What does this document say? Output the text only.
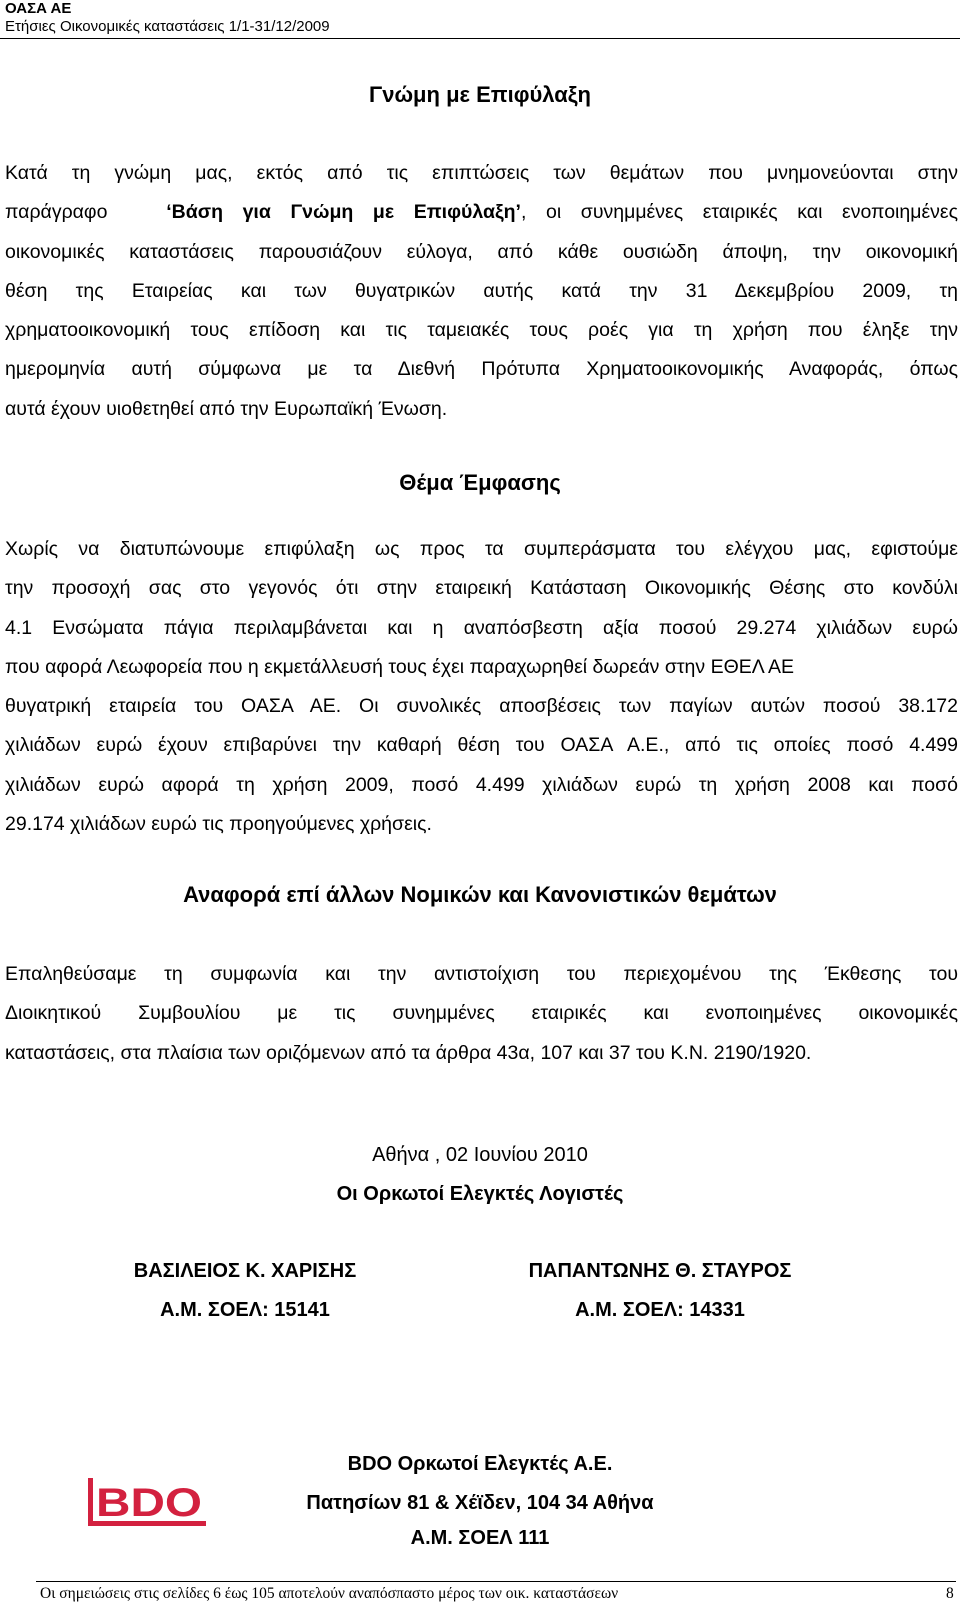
ΟΑΣΑ ΑΕ
Ετήσιες Οικονομικές καταστάσεις 1/1-31/12/2009
Γνώμη με Επιφύλαξη
Κατά τη γνώμη μας, εκτός από τις επιπτώσεις των θεμάτων που μνημονεύονται στην
παράγραφο	‘Βάση για Γνώμη με Επιφύλαξη’, οι συνημμένες εταιρικές και ενοποιημένες
οικονομικές καταστάσεις παρουσιάζουν εύλογα, από κάθε ουσιώδη άποψη, την οικονομική
θέση της Εταιρείας και των θυγατρικών αυτής κατά την 31 Δεκεμβρίου 2009, τη
χρηματοοικονομική τους επίδοση και τις ταμειακές τους ροές για τη χρήση που έληξε την
ημερομηνία αυτή σύμφωνα με τα Διεθνή Πρότυπα Χρηματοοικονομικής Αναφοράς, όπως
αυτά έχουν υιοθετηθεί από την Ευρωπαϊκή Ένωση.
Θέμα Έμφασης
Χωρίς να διατυπώνουμε επιφύλαξη ως προς τα συμπεράσματα του ελέγχου μας, εφιστούμε
την προσοχή σας στο γεγονός ότι στην εταιρεική Κατάσταση Οικονομικής Θέσης στο κονδύλι
4.1 Ενσώματα πάγια περιλαμβάνεται και η αναπόσβεστη αξία ποσού 29.274 χιλιάδων ευρώ
που αφορά Λεωφορεία που η εκμετάλλευσή τους έχει παραχωρηθεί δωρεάν στην ΕΘΕΛ ΑΕ
θυγατρική εταιρεία του ΟΑΣΑ ΑΕ. Οι συνολικές αποσβέσεις των παγίων αυτών ποσού 38.172
χιλιάδων ευρώ έχουν επιβαρύνει την καθαρή θέση του ΟΑΣΑ Α.Ε., από τις οποίες ποσό 4.499
χιλιάδων ευρώ αφορά τη χρήση 2009, ποσό 4.499 χιλιάδων ευρώ τη χρήση 2008 και ποσό
29.174 χιλιάδων ευρώ τις προηγούμενες χρήσεις.
Αναφορά επί άλλων Νομικών και Κανονιστικών θεμάτων
Επαληθεύσαμε τη συμφωνία και την αντιστοίχιση του περιεχομένου της Έκθεσης του
Διοικητικού Συμβουλίου με τις συνημμένες εταιρικές και ενοποιημένες οικονομικές
καταστάσεις, στα πλαίσια των οριζόμενων από τα άρθρα 43α, 107 και 37 του Κ.Ν. 2190/1920.
Αθήνα , 02 Ιουνίου 2010
Οι Ορκωτοί Ελεγκτές Λογιστές
ΒΑΣΙΛΕΙΟΣ Κ. ΧΑΡΙΣΗΣ
Α.Μ. ΣΟΕΛ: 15141
ΠΑΠΑΝΤΩΝΗΣ Θ. ΣΤΑΥΡΟΣ
Α.Μ. ΣΟΕΛ: 14331
BDO Ορκωτοί Ελεγκτές Α.Ε.
Πατησίων 81 & Χέϊδεν, 104 34 Αθήνα
Α.Μ. ΣΟΕΛ 111
BDO
Οι σημειώσεις στις σελίδες 6 έως 105 αποτελούν αναπόσπαστο μέρος των οικ. καταστάσεων	8
